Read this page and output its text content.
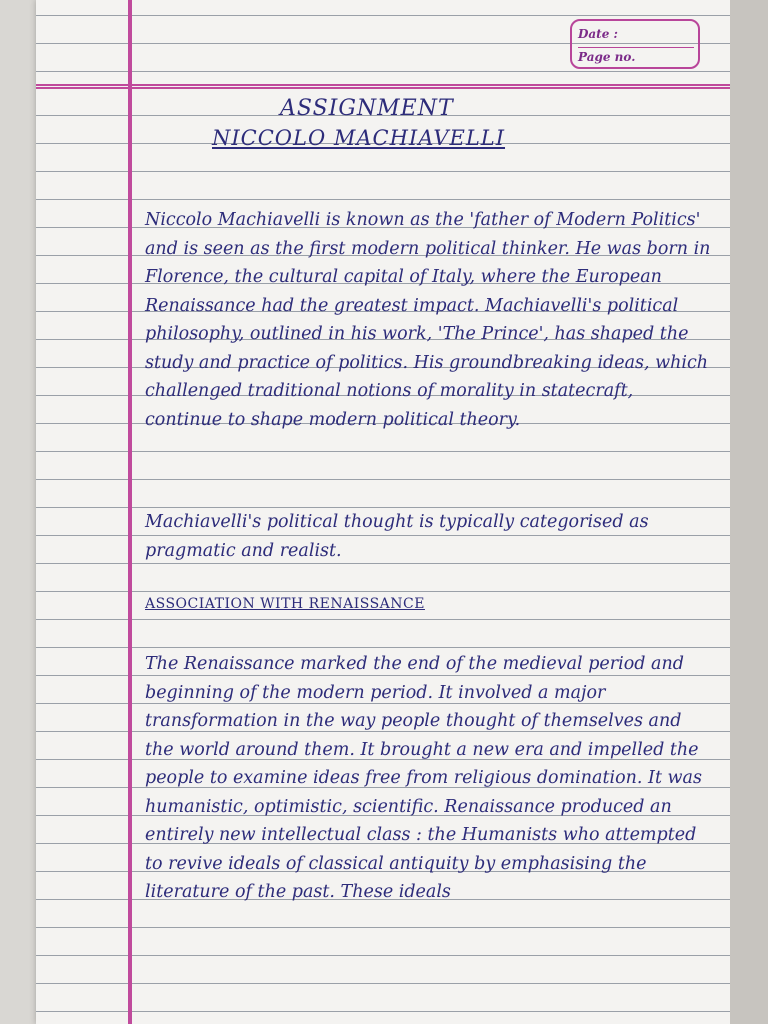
Date :
Page no.
ASSIGNMENT
NICCOLO MACHIAVELLI

Niccolo Machiavelli is known as the 'father of Modern Politics' and is seen as the first modern political thinker. He was born in Florence, the cultural capital of Italy, where the European Renaissance had the greatest impact. Machiavelli's political philosophy, outlined in his work, 'The Prince', has shaped the study and practice of politics. His groundbreaking ideas, which challenged traditional notions of morality in statecraft, continue to shape modern political theory.

Machiavelli's political thought is typically categorised as pragmatic and realist.

ASSOCIATION WITH RENAISSANCE

The Renaissance marked the end of the medieval period and beginning of the modern period. It involved a major transformation in the way people thought of themselves and the world around them. It brought a new era and impelled the people to examine ideas free from religious domination. It was humanistic, optimistic, scientific. Renaissance produced an entirely new intellectual class : the Humanists who attempted to revive ideals of classical antiquity by emphasising the literature of the past. These ideals
